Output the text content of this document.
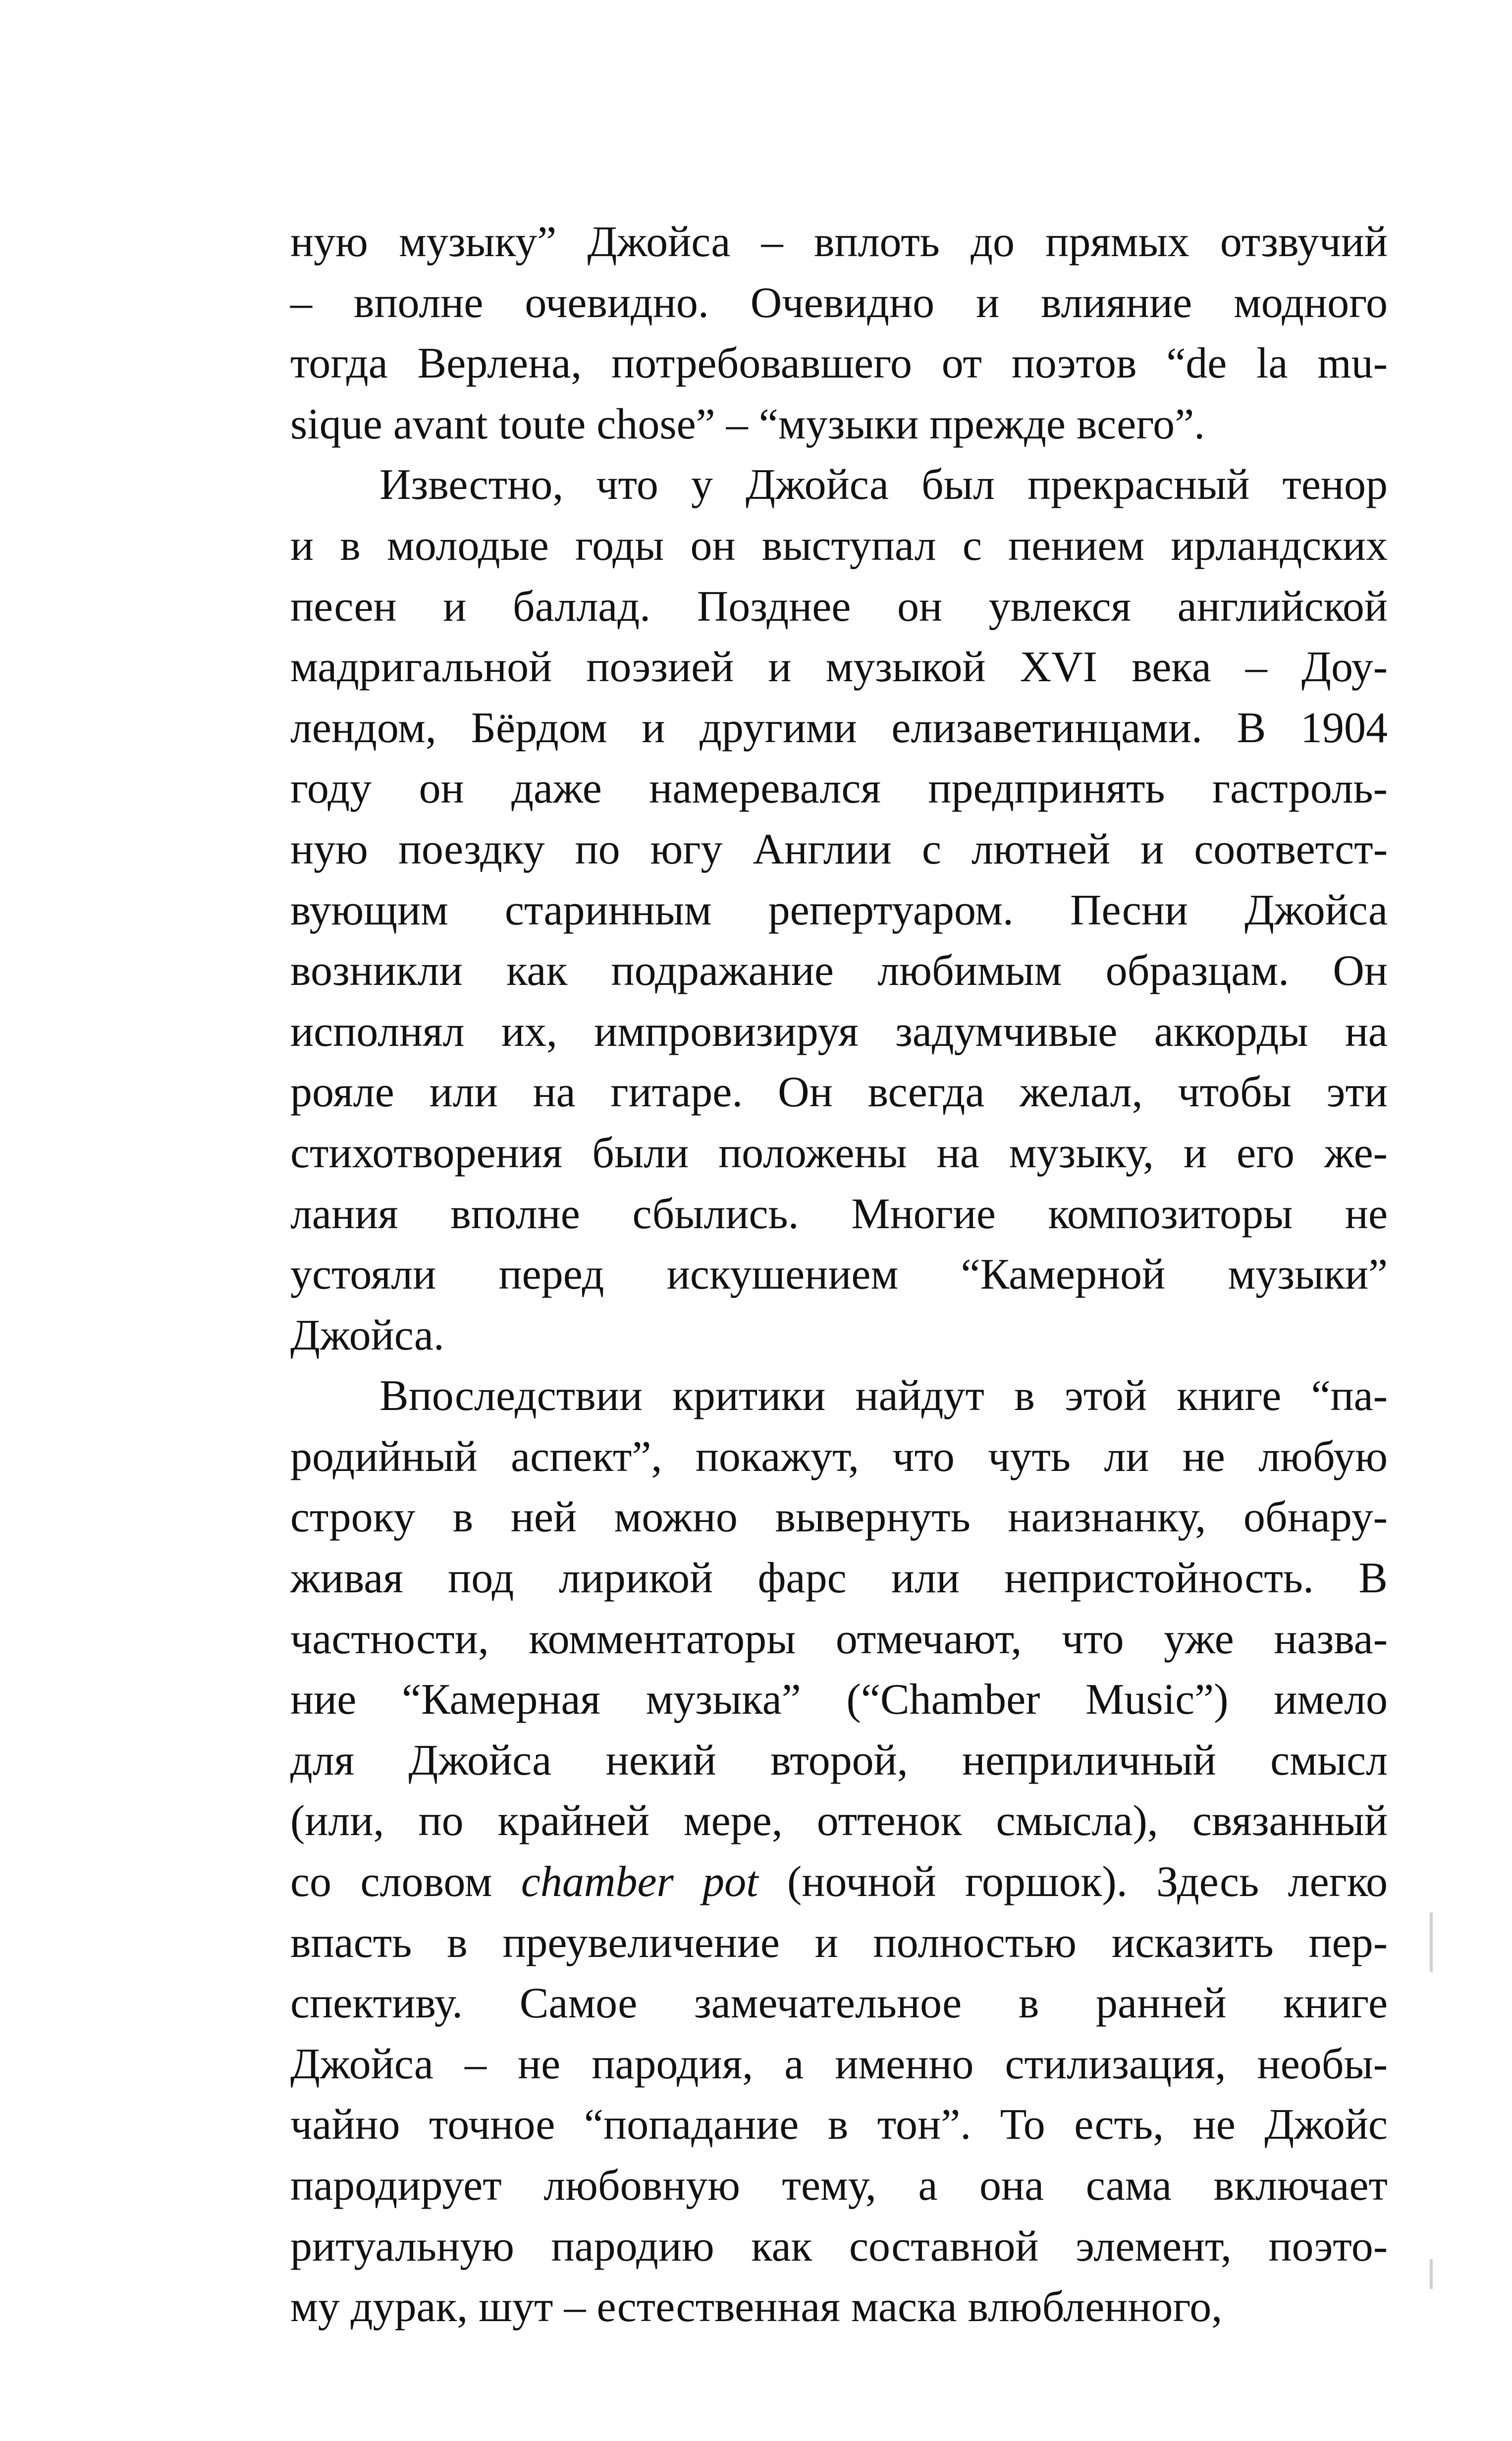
ную музыку” Джойса – вплоть до прямых отзвучий
– вполне очевидно. Очевидно и влияние модного
тогда Верлена, потребовавшего от поэтов “de la mu-
sique avant toute chose” – “музыки прежде всего”.
Известно, что у Джойса был прекрасный тенор
и в молодые годы он выступал с пением ирландских
песен и баллад. Позднее он увлекся английской
мадригальной поэзией и музыкой XVI века – Доу-
лендом, Бёрдом и другими елизаветинцами. В 1904
году он даже намеревался предпринять гастроль-
ную поездку по югу Англии с лютней и соответст-
вующим старинным репертуаром. Песни Джойса
возникли как подражание любимым образцам. Он
исполнял их, импровизируя задумчивые аккорды на
рояле или на гитаре. Он всегда желал, чтобы эти
стихотворения были положены на музыку, и его же-
лания вполне сбылись. Многие композиторы не
устояли перед искушением “Камерной музыки”
Джойса.
Впоследствии критики найдут в этой книге “па-
родийный аспект”, покажут, что чуть ли не любую
строку в ней можно вывернуть наизнанку, обнару-
живая под лирикой фарс или непристойность. В
частности, комментаторы отмечают, что уже назва-
ние “Камерная музыка” (“Chamber Music”) имело
для Джойса некий второй, неприличный смысл
(или, по крайней мере, оттенок смысла), связанный
со словом chamber pot (ночной горшок). Здесь легко
впасть в преувеличение и полностью исказить пер-
спективу. Самое замечательное в ранней книге
Джойса – не пародия, а именно стилизация, необы-
чайно точное “попадание в тон”. То есть, не Джойс
пародирует любовную тему, а она сама включает
ритуальную пародию как составной элемент, поэто-
му дурак, шут – естественная маска влюбленного,
